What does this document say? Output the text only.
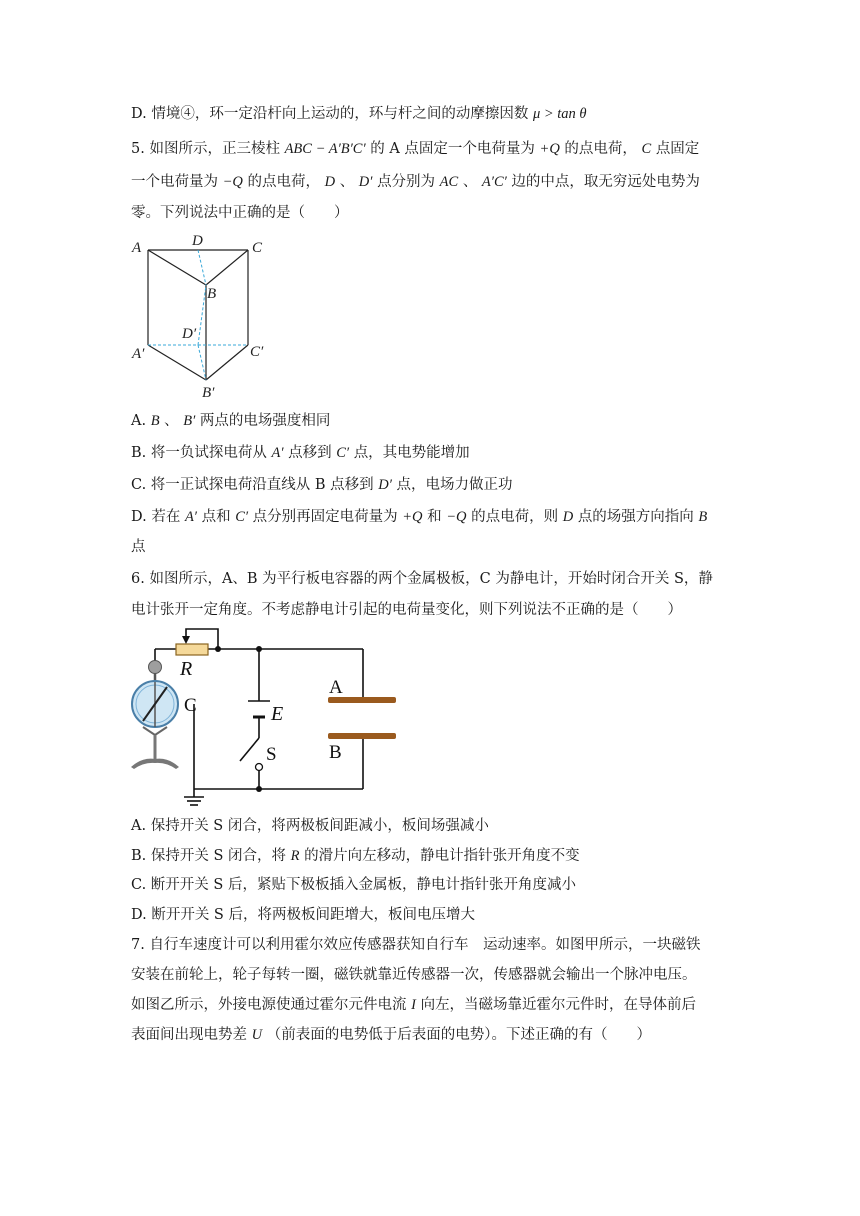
D. 情境④，环一定沿杆向上运动的，环与杆之间的动摩擦因数 μ > tan θ
5. 如图所示，正三棱柱 ABC − A′B′C′ 的 A 点固定一个电荷量为 +Q 的点电荷， C 点固定
一个电荷量为 −Q 的点电荷， D 、 D′ 点分别为 AC 、 A′C′ 边的中点，取无穷远处电势为
零。下列说法中正确的是（　　）
A	D	C
B
D′
A′	C′
B′
A. B 、 B′ 两点的电场强度相同
B. 将一负试探电荷从 A′ 点移到 C′ 点，其电势能增加
C. 将一正试探电荷沿直线从 B 点移到 D′ 点，电场力做正功
D. 若在 A′ 点和 C′ 点分别再固定电荷量为 +Q 和 −Q 的点电荷，则 D 点的场强方向指向 B
点
6. 如图所示，A、B 为平行板电容器的两个金属极板，C 为静电计，开始时闭合开关 S，静
电计张开一定角度。不考虑静电计引起的电荷量变化，则下列说法不正确的是（　　）
R
C	E
S
A
B
A. 保持开关 S 闭合，将两极板间距减小，板间场强减小
B. 保持开关 S 闭合，将 R 的滑片向左移动，静电计指针张开角度不变
C. 断开开关 S 后，紧贴下极板插入金属板，静电计指针张开角度减小
D. 断开开关 S 后，将两极板间距增大，板间电压增大
7. 自行车速度计可以利用霍尔效应传感器获知自行车　运动速率。如图甲所示，一块磁铁
安装在前轮上，轮子每转一圈，磁铁就靠近传感器一次，传感器就会输出一个脉冲电压。
如图乙所示，外接电源使通过霍尔元件电流 I 向左，当磁场靠近霍尔元件时，在导体前后
表面间出现电势差 U （前表面的电势低于后表面的电势）。下述正确的有（　　）
